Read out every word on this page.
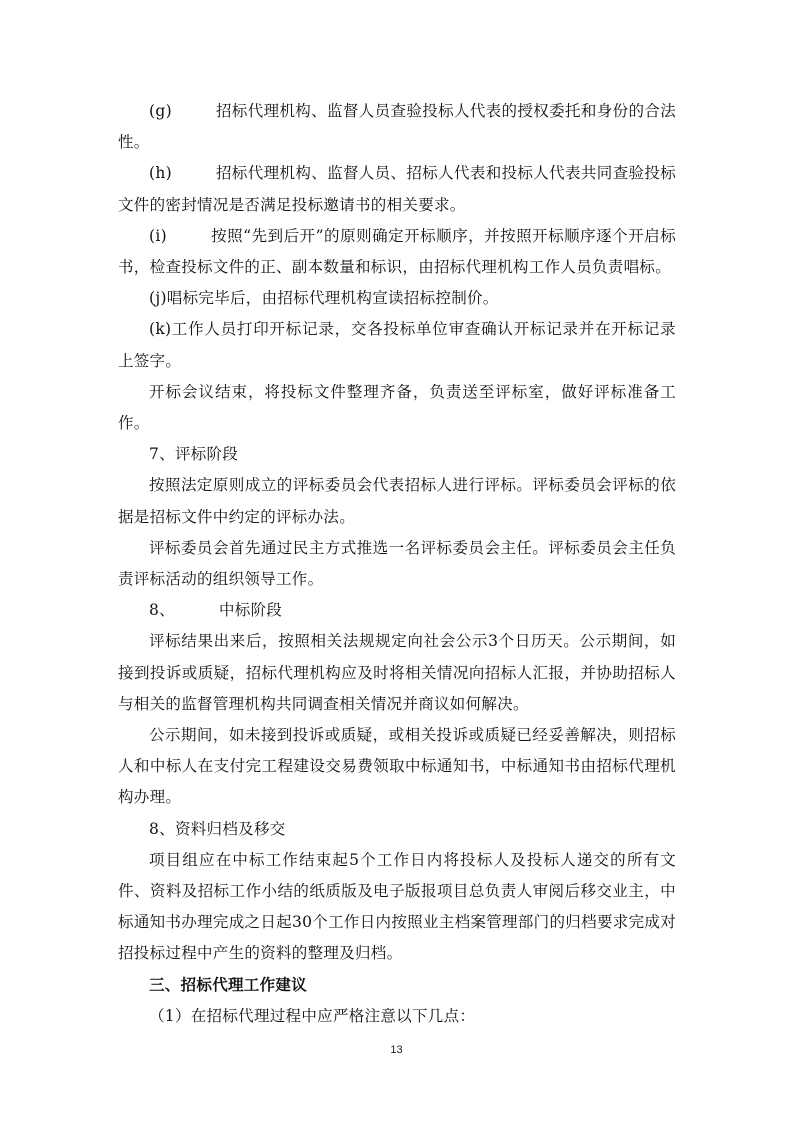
(g)	招标代理机构、监督人员查验投标人代表的授权委托和身份的合法性。

(h)	招标代理机构、监督人员、招标人代表和投标人代表共同查验投标文件的密封情况是否满足投标邀请书的相关要求。

(i)	按照“先到后开”的原则确定开标顺序，并按照开标顺序逐个开启标书，检查投标文件的正、副本数量和标识，由招标代理机构工作人员负责唱标。

(j)唱标完毕后，由招标代理机构宣读招标控制价。

(k)工作人员打印开标记录，交各投标单位审查确认开标记录并在开标记录上签字。

开标会议结束，将投标文件整理齐备，负责送至评标室，做好评标准备工作。

7、评标阶段

按照法定原则成立的评标委员会代表招标人进行评标。评标委员会评标的依据是招标文件中约定的评标办法。

评标委员会首先通过民主方式推选一名评标委员会主任。评标委员会主任负责评标活动的组织领导工作。

8、	中标阶段

评标结果出来后，按照相关法规规定向社会公示3个日历天。公示期间，如接到投诉或质疑，招标代理机构应及时将相关情况向招标人汇报，并协助招标人与相关的监督管理机构共同调查相关情况并商议如何解决。

公示期间，如未接到投诉或质疑，或相关投诉或质疑已经妥善解决，则招标人和中标人在支付完工程建设交易费领取中标通知书，中标通知书由招标代理机构办理。

8、资料归档及移交

项目组应在中标工作结束起5个工作日内将投标人及投标人递交的所有文件、资料及招标工作小结的纸质版及电子版报项目总负责人审阅后移交业主，中标通知书办理完成之日起30个工作日内按照业主档案管理部门的归档要求完成对招投标过程中产生的资料的整理及归档。

三、招标代理工作建议

（1）在招标代理过程中应严格注意以下几点：

13
